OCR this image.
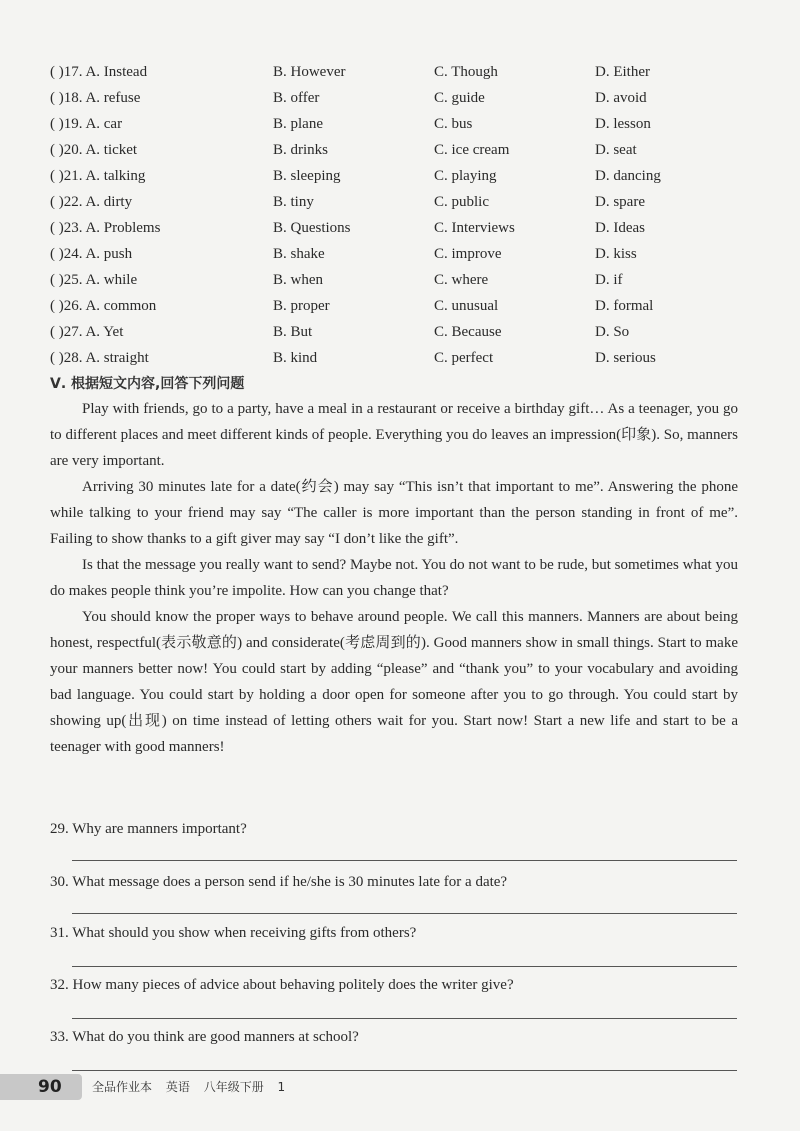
( )17. A. Instead	B. However	C. Though	D. Either
( )18. A. refuse	B. offer	C. guide	D. avoid
( )19. A. car	B. plane	C. bus	D. lesson
( )20. A. ticket	B. drinks	C. ice cream	D. seat
( )21. A. talking	B. sleeping	C. playing	D. dancing
( )22. A. dirty	B. tiny	C. public	D. spare
( )23. A. Problems	B. Questions	C. Interviews	D. Ideas
( )24. A. push	B. shake	C. improve	D. kiss
( )25. A. while	B. when	C. where	D. if
( )26. A. common	B. proper	C. unusual	D. formal
( )27. A. Yet	B. But	C. Because	D. So
( )28. A. straight	B. kind	C. perfect	D. serious
Ⅴ. 根据短文内容,回答下列问题

Play with friends, go to a party, have a meal in a restaurant or receive a birthday gift… As a teenager, you go to different places and meet different kinds of people. Everything you do leaves an impression(印象). So, manners are very important.

Arriving 30 minutes late for a date(约会) may say “This isn’t that important to me”. Answering the phone while talking to your friend may say “The caller is more important than the person standing in front of me”. Failing to show thanks to a gift giver may say “I don’t like the gift”.

Is that the message you really want to send? Maybe not. You do not want to be rude, but sometimes what you do makes people think you’re impolite. How can you change that?

You should know the proper ways to behave around people. We call this manners. Manners are about being honest, respectful(表示敬意的) and considerate(考虑周到的). Good manners show in small things. Start to make your manners better now! You could start by adding “please” and “thank you” to your vocabulary and avoiding bad language. You could start by holding a door open for someone after you to go through. You could start by showing up(出现) on time instead of letting others wait for you. Start now! Start a new life and start to be a teenager with good manners!

29. Why are manners important?
30. What message does a person send if he/she is 30 minutes late for a date?
31. What should you show when receiving gifts from others?
32. How many pieces of advice about behaving politely does the writer give?
33. What do you think are good manners at school?
90	全品作业本 英语 八年级下册 1
